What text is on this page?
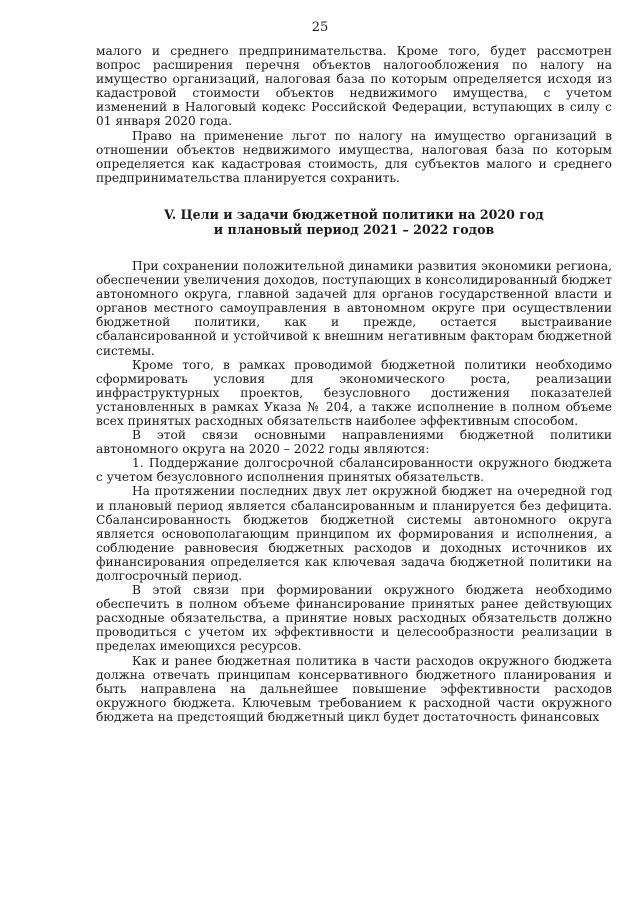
25

малого и среднего предпринимательства. Кроме того, будет рассмотрен вопрос расширения перечня объектов налогообложения по налогу на имущество организаций, налоговая база по которым определяется исходя из кадастровой стоимости объектов недвижимого имущества, с учетом изменений в Налоговый кодекс Российской Федерации, вступающих в силу с 01 января 2020 года.

Право на применение льгот по налогу на имущество организаций в отношении объектов недвижимого имущества, налоговая база по которым определяется как кадастровая стоимость, для субъектов малого и среднего предпринимательства планируется сохранить.

V. Цели и задачи бюджетной политики на 2020 год
и плановый период 2021 – 2022 годов

При сохранении положительной динамики развития экономики региона, обеспечении увеличения доходов, поступающих в консолидированный бюджет автономного округа, главной задачей для органов государственной власти и органов местного самоуправления в автономном округе при осуществлении бюджетной политики, как и прежде, остается выстраивание сбалансированной и устойчивой к внешним негативным факторам бюджетной системы.

Кроме того, в рамках проводимой бюджетной политики необходимо сформировать условия для экономического роста, реализации инфраструктурных проектов, безусловного достижения показателей установленных в рамках Указа № 204, а также исполнение в полном объеме всех принятых расходных обязательств наиболее эффективным способом.

В этой связи основными направлениями бюджетной политики автономного округа на 2020 – 2022 годы являются:

1. Поддержание долгосрочной сбалансированности окружного бюджета с учетом безусловного исполнения принятых обязательств.

На протяжении последних двух лет окружной бюджет на очередной год и плановый период является сбалансированным и планируется без дефицита. Сбалансированность бюджетов бюджетной системы автономного округа является основополагающим принципом их формирования и исполнения, а соблюдение равновесия бюджетных расходов и доходных источников их финансирования определяется как ключевая задача бюджетной политики на долгосрочный период.

В этой связи при формировании окружного бюджета необходимо обеспечить в полном объеме финансирование принятых ранее действующих расходные обязательства, а принятие новых расходных обязательств должно проводиться с учетом их эффективности и целесообразности реализации в пределах имеющихся ресурсов.

Как и ранее бюджетная политика в части расходов окружного бюджета должна отвечать принципам консервативного бюджетного планирования и быть направлена на дальнейшее повышение эффективности расходов окружного бюджета. Ключевым требованием к расходной части окружного бюджета на предстоящий бюджетный цикл будет достаточность финансовых
